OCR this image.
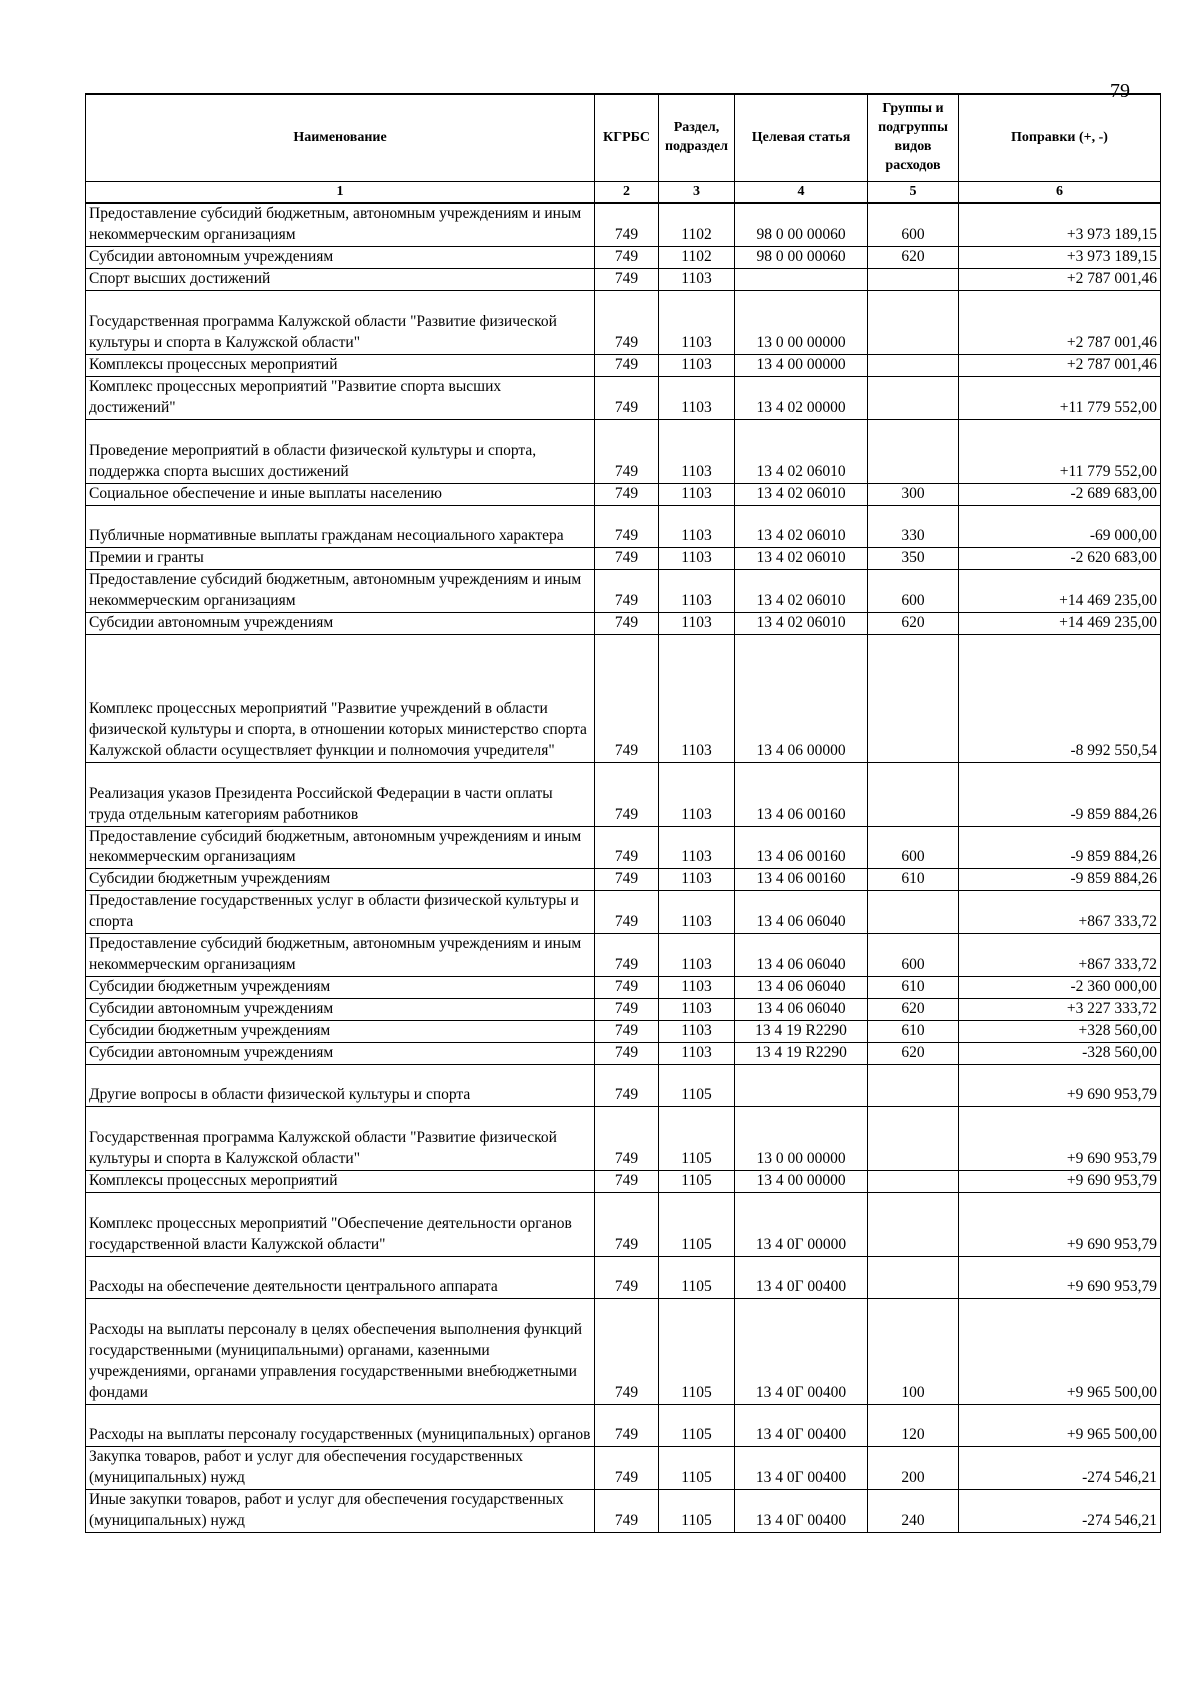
79
Наименование	КГРБС	Раздел, подраздел	Целевая статья	Группы и подгруппы видов расходов	Поправки (+, -)
1	2	3	4	5	6
Предоставление субсидий бюджетным, автономным учреждениям и иным некоммерческим организациям	749	1102	98 0 00 00060	600	+3 973 189,15
Субсидии автономным учреждениям	749	1102	98 0 00 00060	620	+3 973 189,15
Спорт высших достижений	749	1103			+2 787 001,46
Государственная программа Калужской области "Развитие физической культуры и спорта в Калужской области"	749	1103	13 0 00 00000		+2 787 001,46
Комплексы процессных мероприятий	749	1103	13 4 00 00000		+2 787 001,46
Комплекс процессных мероприятий "Развитие спорта высших достижений"	749	1103	13 4 02 00000		+11 779 552,00
Проведение мероприятий в области физической культуры и спорта, поддержка спорта высших достижений	749	1103	13 4 02 06010		+11 779 552,00
Социальное обеспечение и иные выплаты населению	749	1103	13 4 02 06010	300	-2 689 683,00
Публичные нормативные выплаты гражданам несоциального характера	749	1103	13 4 02 06010	330	-69 000,00
Премии и гранты	749	1103	13 4 02 06010	350	-2 620 683,00
Предоставление субсидий бюджетным, автономным учреждениям и иным некоммерческим организациям	749	1103	13 4 02 06010	600	+14 469 235,00
Субсидии автономным учреждениям	749	1103	13 4 02 06010	620	+14 469 235,00
Комплекс процессных мероприятий "Развитие учреждений в области физической культуры и спорта, в отношении которых министерство спорта Калужской области осуществляет функции и полномочия учредителя"	749	1103	13 4 06 00000		-8 992 550,54
Реализация указов Президента Российской Федерации в части оплаты труда отдельным категориям работников	749	1103	13 4 06 00160		-9 859 884,26
Предоставление субсидий бюджетным, автономным учреждениям и иным некоммерческим организациям	749	1103	13 4 06 00160	600	-9 859 884,26
Субсидии бюджетным учреждениям	749	1103	13 4 06 00160	610	-9 859 884,26
Предоставление государственных услуг в области физической культуры и спорта	749	1103	13 4 06 06040		+867 333,72
Предоставление субсидий бюджетным, автономным учреждениям и иным некоммерческим организациям	749	1103	13 4 06 06040	600	+867 333,72
Субсидии бюджетным учреждениям	749	1103	13 4 06 06040	610	-2 360 000,00
Субсидии автономным учреждениям	749	1103	13 4 06 06040	620	+3 227 333,72
Субсидии бюджетным учреждениям	749	1103	13 4 19 R2290	610	+328 560,00
Субсидии автономным учреждениям	749	1103	13 4 19 R2290	620	-328 560,00
Другие вопросы в области физической культуры и спорта	749	1105			+9 690 953,79
Государственная программа Калужской области "Развитие физической культуры и спорта в Калужской области"	749	1105	13 0 00 00000		+9 690 953,79
Комплексы процессных мероприятий	749	1105	13 4 00 00000		+9 690 953,79
Комплекс процессных мероприятий "Обеспечение деятельности органов государственной власти Калужской области"	749	1105	13 4 0Г 00000		+9 690 953,79
Расходы на обеспечение деятельности центрального аппарата	749	1105	13 4 0Г 00400		+9 690 953,79
Расходы на выплаты персоналу в целях обеспечения выполнения функций государственными (муниципальными) органами, казенными учреждениями, органами управления государственными внебюджетными фондами	749	1105	13 4 0Г 00400	100	+9 965 500,00
Расходы на выплаты персоналу государственных (муниципальных) органов	749	1105	13 4 0Г 00400	120	+9 965 500,00
Закупка товаров, работ и услуг для обеспечения государственных (муниципальных) нужд	749	1105	13 4 0Г 00400	200	-274 546,21
Иные закупки товаров, работ и услуг для обеспечения государственных (муниципальных) нужд	749	1105	13 4 0Г 00400	240	-274 546,21
